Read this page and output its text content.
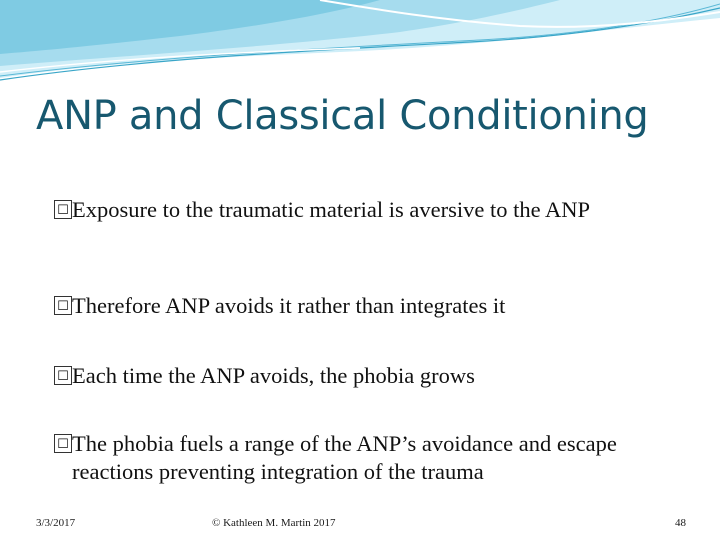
ANP and Classical Conditioning
☐ Exposure to the traumatic material is aversive to the ANP
☐ Therefore ANP avoids it rather than integrates it
☐ Each time the ANP avoids, the phobia grows
☐ The phobia fuels a range of the ANP’s avoidance and escape reactions preventing integration of the trauma
3/3/2017	© Kathleen M. Martin 2017	48
